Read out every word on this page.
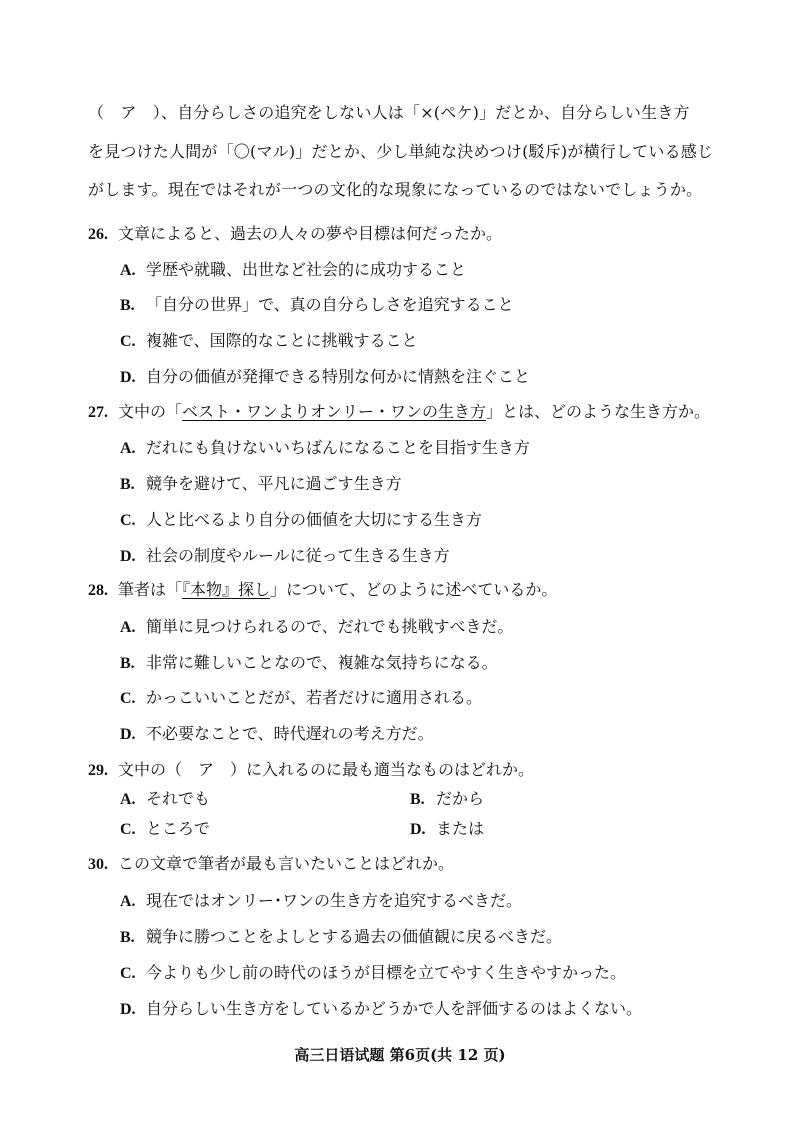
（　ア　）、自分らしさの追究をしない人は「×(ペケ)」だとか、自分らしい生き方
を見つけた人間が「〇(マル)」だとか、少し単純な決めつけ(駁斥)が横行している感じ
がします。現在ではそれが一つの文化的な現象になっているのではないでしょうか。
26. 文章によると、過去の人々の夢や目標は何だったか。
A. 学歴や就職、出世など社会的に成功すること
B. 「自分の世界」で、真の自分らしさを追究すること
C. 複雑で、国際的なことに挑戦すること
D. 自分の価値が発揮できる特別な何かに情熱を注ぐこと
27. 文中の「ベスト・ワンよりオンリー・ワンの生き方」とは、どのような生き方か。
A. だれにも負けないいちばんになることを目指す生き方
B. 競争を避けて、平凡に過ごす生き方
C. 人と比べるより自分の価値を大切にする生き方
D. 社会の制度やルールに従って生きる生き方
28. 筆者は「『本物』探し」について、どのように述べているか。
A. 簡単に見つけられるので、だれでも挑戦すべきだ。
B. 非常に難しいことなので、複雑な気持ちになる。
C. かっこいいことだが、若者だけに適用される。
D. 不必要なことで、時代遅れの考え方だ。
29. 文中の（　ア　）に入れるのに最も適当なものはどれか。
A. それでも	B. だから
C. ところで	D. または
30. この文章で筆者が最も言いたいことはどれか。
A. 現在ではオンリー･ワンの生き方を追究するべきだ。
B. 競争に勝つことをよしとする過去の価値観に戻るべきだ。
C. 今よりも少し前の時代のほうが目標を立てやすく生きやすかった。
D. 自分らしい生き方をしているかどうかで人を評価するのはよくない。
高三日语试题 第6页(共 12 页)
